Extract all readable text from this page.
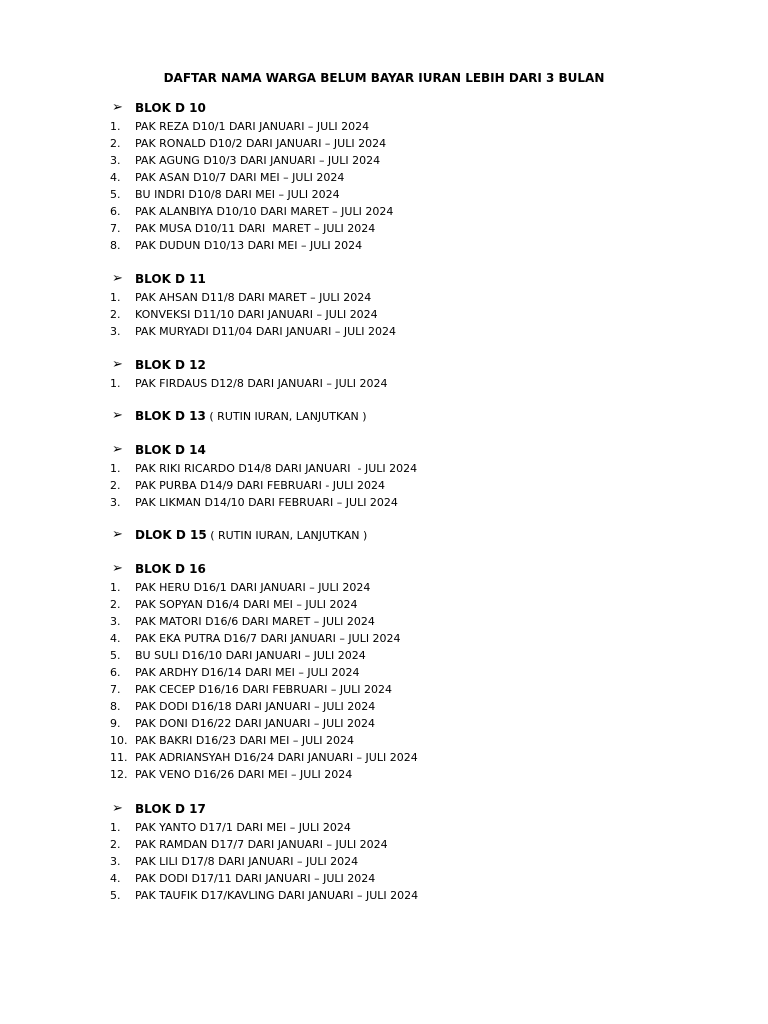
DAFTAR NAMA WARGA BELUM BAYAR IURAN LEBIH DARI 3 BULAN
➢ BLOK D 10
1. PAK REZA D10/1 DARI JANUARI – JULI 2024
2. PAK RONALD D10/2 DARI JANUARI – JULI 2024
3. PAK AGUNG D10/3 DARI JANUARI – JULI 2024
4. PAK ASAN D10/7 DARI MEI – JULI 2024
5. BU INDRI D10/8 DARI MEI – JULI 2024
6. PAK ALANBIYA D10/10 DARI MARET – JULI 2024
7. PAK MUSA D10/11 DARI  MARET – JULI 2024
8. PAK DUDUN D10/13 DARI MEI – JULI 2024
➢ BLOK D 11
1. PAK AHSAN D11/8 DARI MARET – JULI 2024
2. KONVEKSI D11/10 DARI JANUARI – JULI 2024
3. PAK MURYADI D11/04 DARI JANUARI – JULI 2024
➢ BLOK D 12
1. PAK FIRDAUS D12/8 DARI JANUARI – JULI 2024
➢ BLOK D 13 ( RUTIN IURAN, LANJUTKAN )
➢ BLOK D 14
1. PAK RIKI RICARDO D14/8 DARI JANUARI  - JULI 2024
2. PAK PURBA D14/9 DARI FEBRUARI - JULI 2024
3. PAK LIKMAN D14/10 DARI FEBRUARI – JULI 2024
➢ DLOK D 15 ( RUTIN IURAN, LANJUTKAN )
➢ BLOK D 16
1. PAK HERU D16/1 DARI JANUARI – JULI 2024
2. PAK SOPYAN D16/4 DARI MEI – JULI 2024
3. PAK MATORI D16/6 DARI MARET – JULI 2024
4. PAK EKA PUTRA D16/7 DARI JANUARI – JULI 2024
5. BU SULI D16/10 DARI JANUARI – JULI 2024
6. PAK ARDHY D16/14 DARI MEI – JULI 2024
7. PAK CECEP D16/16 DARI FEBRUARI – JULI 2024
8. PAK DODI D16/18 DARI JANUARI – JULI 2024
9. PAK DONI D16/22 DARI JANUARI – JULI 2024
10. PAK BAKRI D16/23 DARI MEI – JULI 2024
11. PAK ADRIANSYAH D16/24 DARI JANUARI – JULI 2024
12. PAK VENO D16/26 DARI MEI – JULI 2024
➢ BLOK D 17
1. PAK YANTO D17/1 DARI MEI – JULI 2024
2. PAK RAMDAN D17/7 DARI JANUARI – JULI 2024
3. PAK LILI D17/8 DARI JANUARI – JULI 2024
4. PAK DODI D17/11 DARI JANUARI – JULI 2024
5. PAK TAUFIK D17/KAVLING DARI JANUARI – JULI 2024
